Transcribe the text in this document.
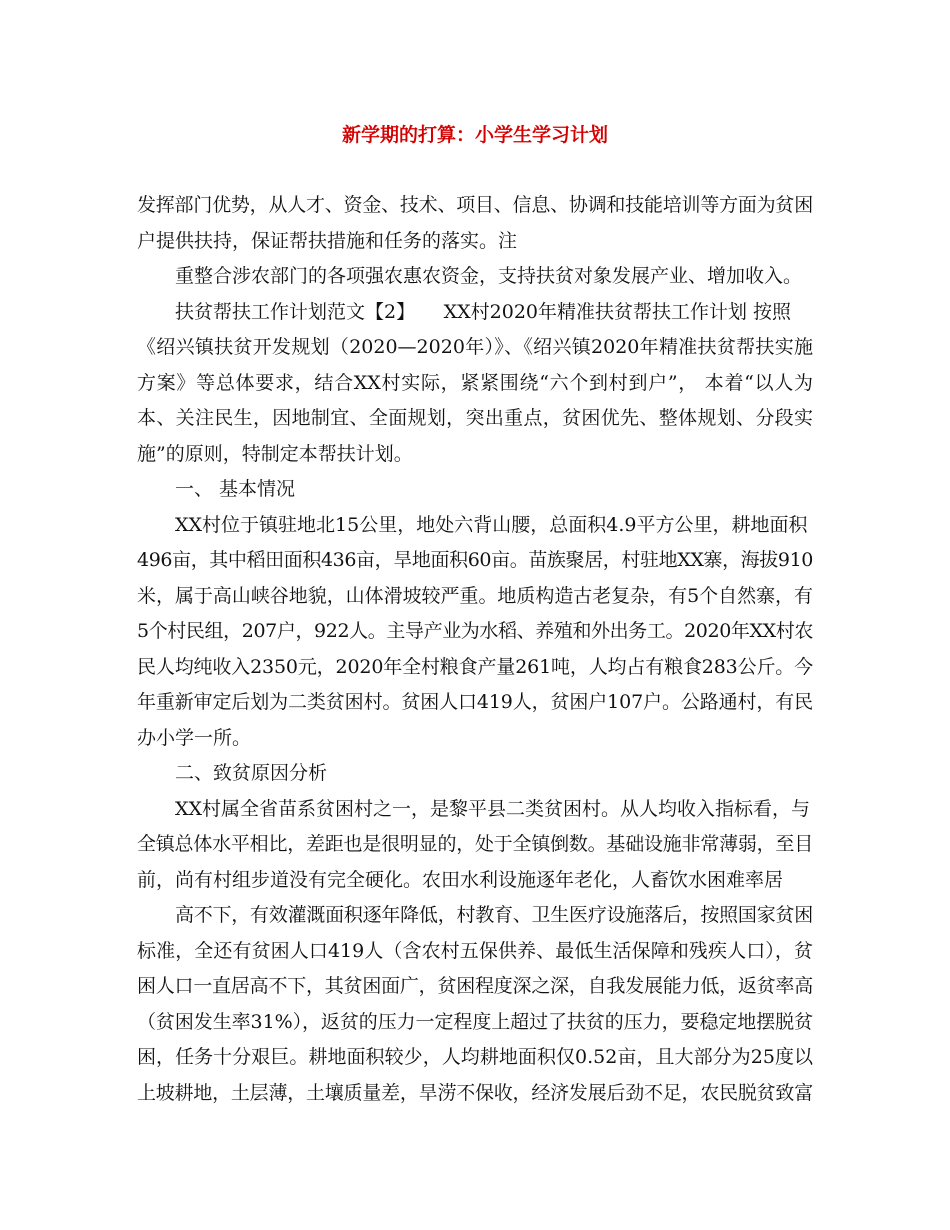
新学期的打算：小学生学习计划
发挥部门优势，从人才、资金、技术、项目、信息、协调和技能培训等方面为贫困
户提供扶持，保证帮扶措施和任务的落实。注
重整合涉农部门的各项强农惠农资金，支持扶贫对象发展产业、增加收入。
扶贫帮扶工作计划范文【2】　　XX村2020年精准扶贫帮扶工作计划 按照
《绍兴镇扶贫开发规划（2020—2020年）》、《绍兴镇2020年精准扶贫帮扶实施
方案》等总体要求，结合XX村实际，紧紧围绕“六个到村到户”， 本着“以人为
本、关注民生，因地制宜、全面规划，突出重点，贫困优先、整体规划、分段实
施”的原则，特制定本帮扶计划。
一、 基本情况
XX村位于镇驻地北15公里，地处六背山腰，总面积4.9平方公里，耕地面积
496亩，其中稻田面积436亩，旱地面积60亩。苗族聚居，村驻地XX寨，海拔910
米，属于高山峡谷地貌，山体滑坡较严重。地质构造古老复杂，有5个自然寨，有
5个村民组，207户，922人。主导产业为水稻、养殖和外出务工。2020年XX村农
民人均纯收入2350元，2020年全村粮食产量261吨，人均占有粮食283公斤。今
年重新审定后划为二类贫困村。贫困人口419人，贫困户107户。公路通村，有民
办小学一所。
二、致贫原因分析
XX村属全省苗系贫困村之一，是黎平县二类贫困村。从人均收入指标看，与
全镇总体水平相比，差距也是很明显的，处于全镇倒数。基础设施非常薄弱，至目
前，尚有村组步道没有完全硬化。农田水利设施逐年老化，人畜饮水困难率居
高不下，有效灌溉面积逐年降低，村教育、卫生医疗设施落后，按照国家贫困
标准，全还有贫困人口419人（含农村五保供养、最低生活保障和残疾人口），贫
困人口一直居高不下，其贫困面广，贫困程度深之深，自我发展能力低，返贫率高
（贫困发生率31%），返贫的压力一定程度上超过了扶贫的压力，要稳定地摆脱贫
困，任务十分艰巨。耕地面积较少，人均耕地面积仅0.52亩，且大部分为25度以
上坡耕地，土层薄，土壤质量差，旱涝不保收，经济发展后劲不足，农民脱贫致富
